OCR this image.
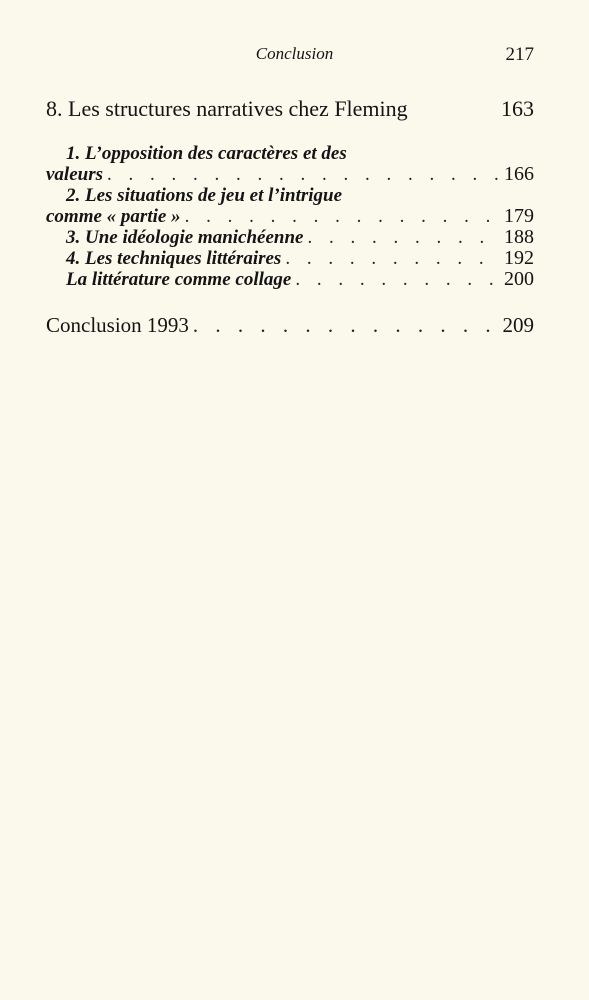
Conclusion	217
8. Les structures narratives chez Fleming	163
1. L’opposition des caractères et des
valeurs . . .	166
2. Les situations de jeu et l’intrigue
comme « partie » . . .	179
3. Une idéologie manichéenne . . .	188
4. Les techniques littéraires . . .	192
La littérature comme collage . . .	200
Conclusion 1993 . . .	209
